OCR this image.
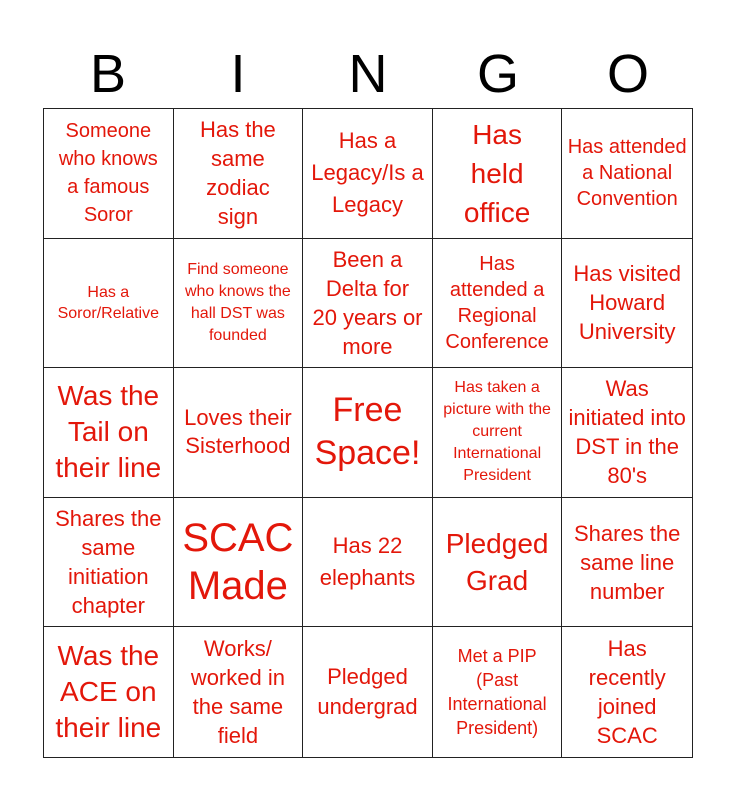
B	I	N	G	O
Someone who knows a famous Soror
Has the same zodiac sign
Has a Legacy/Is a Legacy
Has held office
Has attended a National Convention
Has a Soror/Relative
Find someone who knows the hall DST was founded
Been a Delta for 20 years or more
Has attended a Regional Conference
Has visited Howard University
Was the Tail on their line
Loves their Sisterhood
Free Space!
Has taken a picture with the current International President
Was initiated into DST in the 80's
Shares the same initiation chapter
SCAC Made
Has 22 elephants
Pledged Grad
Shares the same line number
Was the ACE on their line
Works/ worked in the same field
Pledged undergrad
Met a PIP (Past International President)
Has recently joined SCAC
